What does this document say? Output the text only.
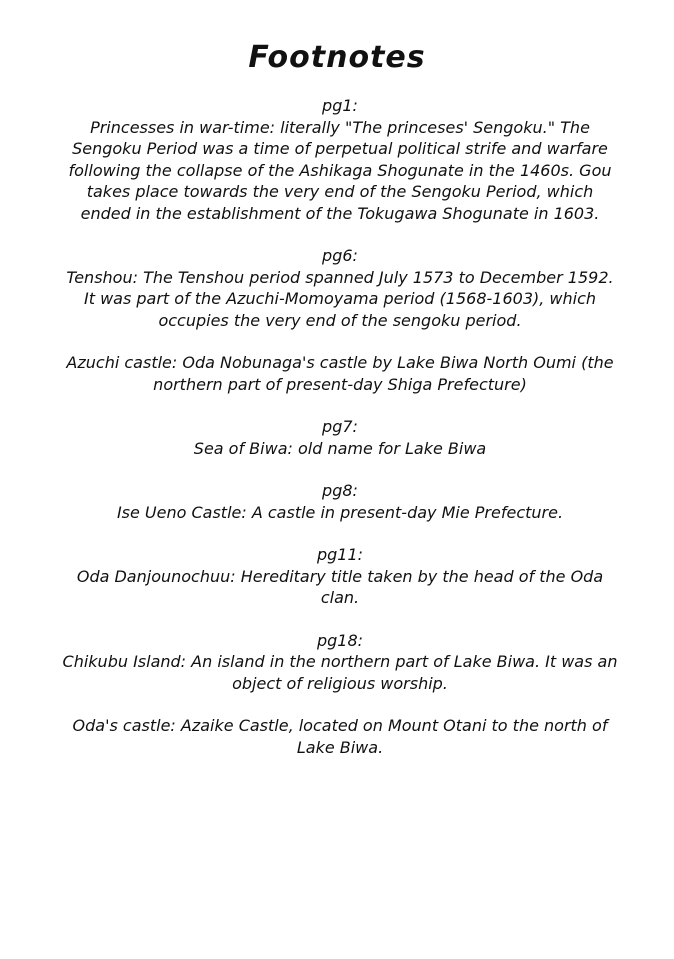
Footnotes
pg1:
Princesses in war-time: literally "The princeses' Sengoku." The Sengoku Period was a time of perpetual political strife and warfare following the collapse of the Ashikaga Shogunate in the 1460s. Gou takes place towards the very end of the Sengoku Period, which ended in the establishment of the Tokugawa Shogunate in 1603.
pg6:
Tenshou: The Tenshou period spanned July 1573 to December 1592. It was part of the Azuchi-Momoyama period (1568-1603), which occupies the very end of the sengoku period.
Azuchi castle: Oda Nobunaga's castle by Lake Biwa North Oumi (the northern part of present-day Shiga Prefecture)
pg7:
Sea of Biwa: old name for Lake Biwa
pg8:
Ise Ueno Castle: A castle in present-day Mie Prefecture.
pg11:
Oda Danjounochuu: Hereditary title taken by the head of the Oda clan.
pg18:
Chikubu Island: An island in the northern part of Lake Biwa. It was an object of religious worship.
Oda's castle: Azaike Castle, located on Mount Otani to the north of Lake Biwa.
